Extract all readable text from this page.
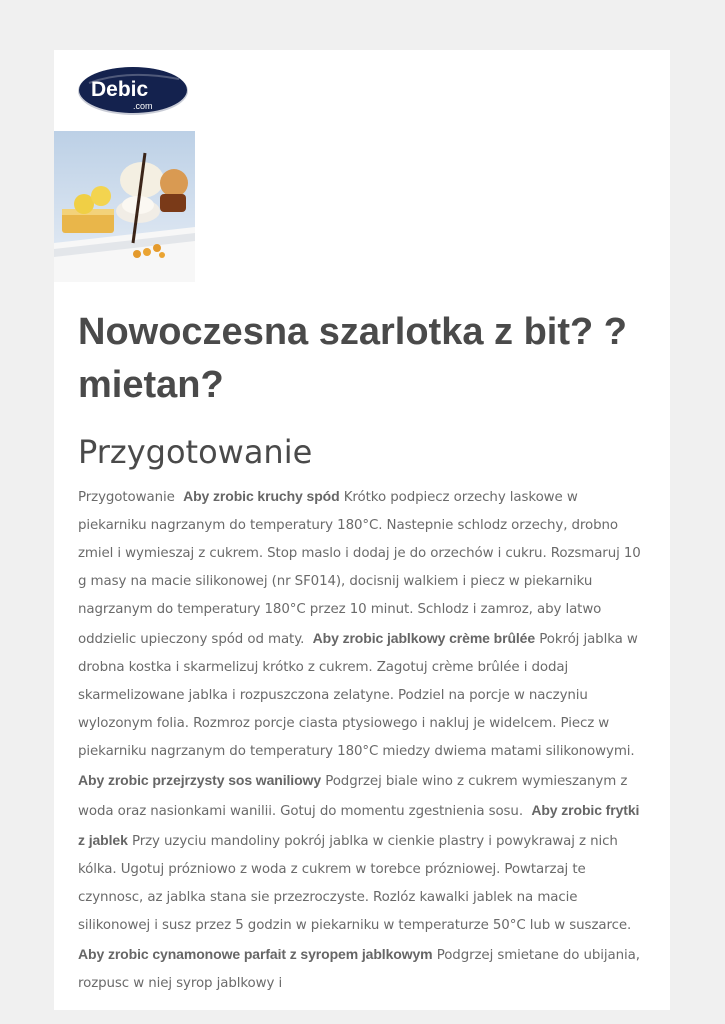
Debic
.com
Nowoczesna szarlotka z bit? ?mietan?
Przygotowanie

Przygotowanie Aby zrobic kruchy spód Krótko podpiecz orzechy laskowe w piekarniku nagrzanym do temperatury 180°C. Nastepnie schlodz orzechy, drobno zmiel i wymieszaj z cukrem. Stop maslo i dodaj je do orzechów i cukru. Rozsmaruj 10 g masy na macie silikonowej (nr SF014), docisnij walkiem i piecz w piekarniku nagrzanym do temperatury 180°C przez 10 minut. Schlodz i zamroz, aby latwo oddzielic upieczony spód od maty. Aby zrobic jablkowy crème brûlée Pokrój jablka w drobna kostka i skarmelizuj krótko z cukrem. Zagotuj crème brûlée i dodaj skarmelizowane jablka i rozpuszczona zelatyne. Podziel na porcje w naczyniu wylozonym folia. Rozmroz porcje ciasta ptysiowego i nakluj je widelcem. Piecz w piekarniku nagrzanym do temperatury 180°C miedzy dwiema matami silikonowymi.  Aby zrobic przejrzysty sos waniliowy Podgrzej biale wino z cukrem wymieszanym z woda oraz nasionkami wanilii. Gotuj do momentu zgestnienia sosu. Aby zrobic frytki z jablek Przy uzyciu mandoliny pokrój jablka w cienkie plastry i powykrawaj z nich kólka. Ugotuj prózniowo z woda z cukrem w torebce prózniowej. Powtarzaj te czynnosc, az jablka stana sie przezroczyste. Rozlóz kawalki jablek na macie silikonowej i susz przez 5 godzin w piekarniku w temperaturze 50°C lub w suszarce.  Aby zrobic cynamonowe parfait z syropem jablkowym Podgrzej smietane do ubijania, rozpusc w niej syrop jablkowy i
